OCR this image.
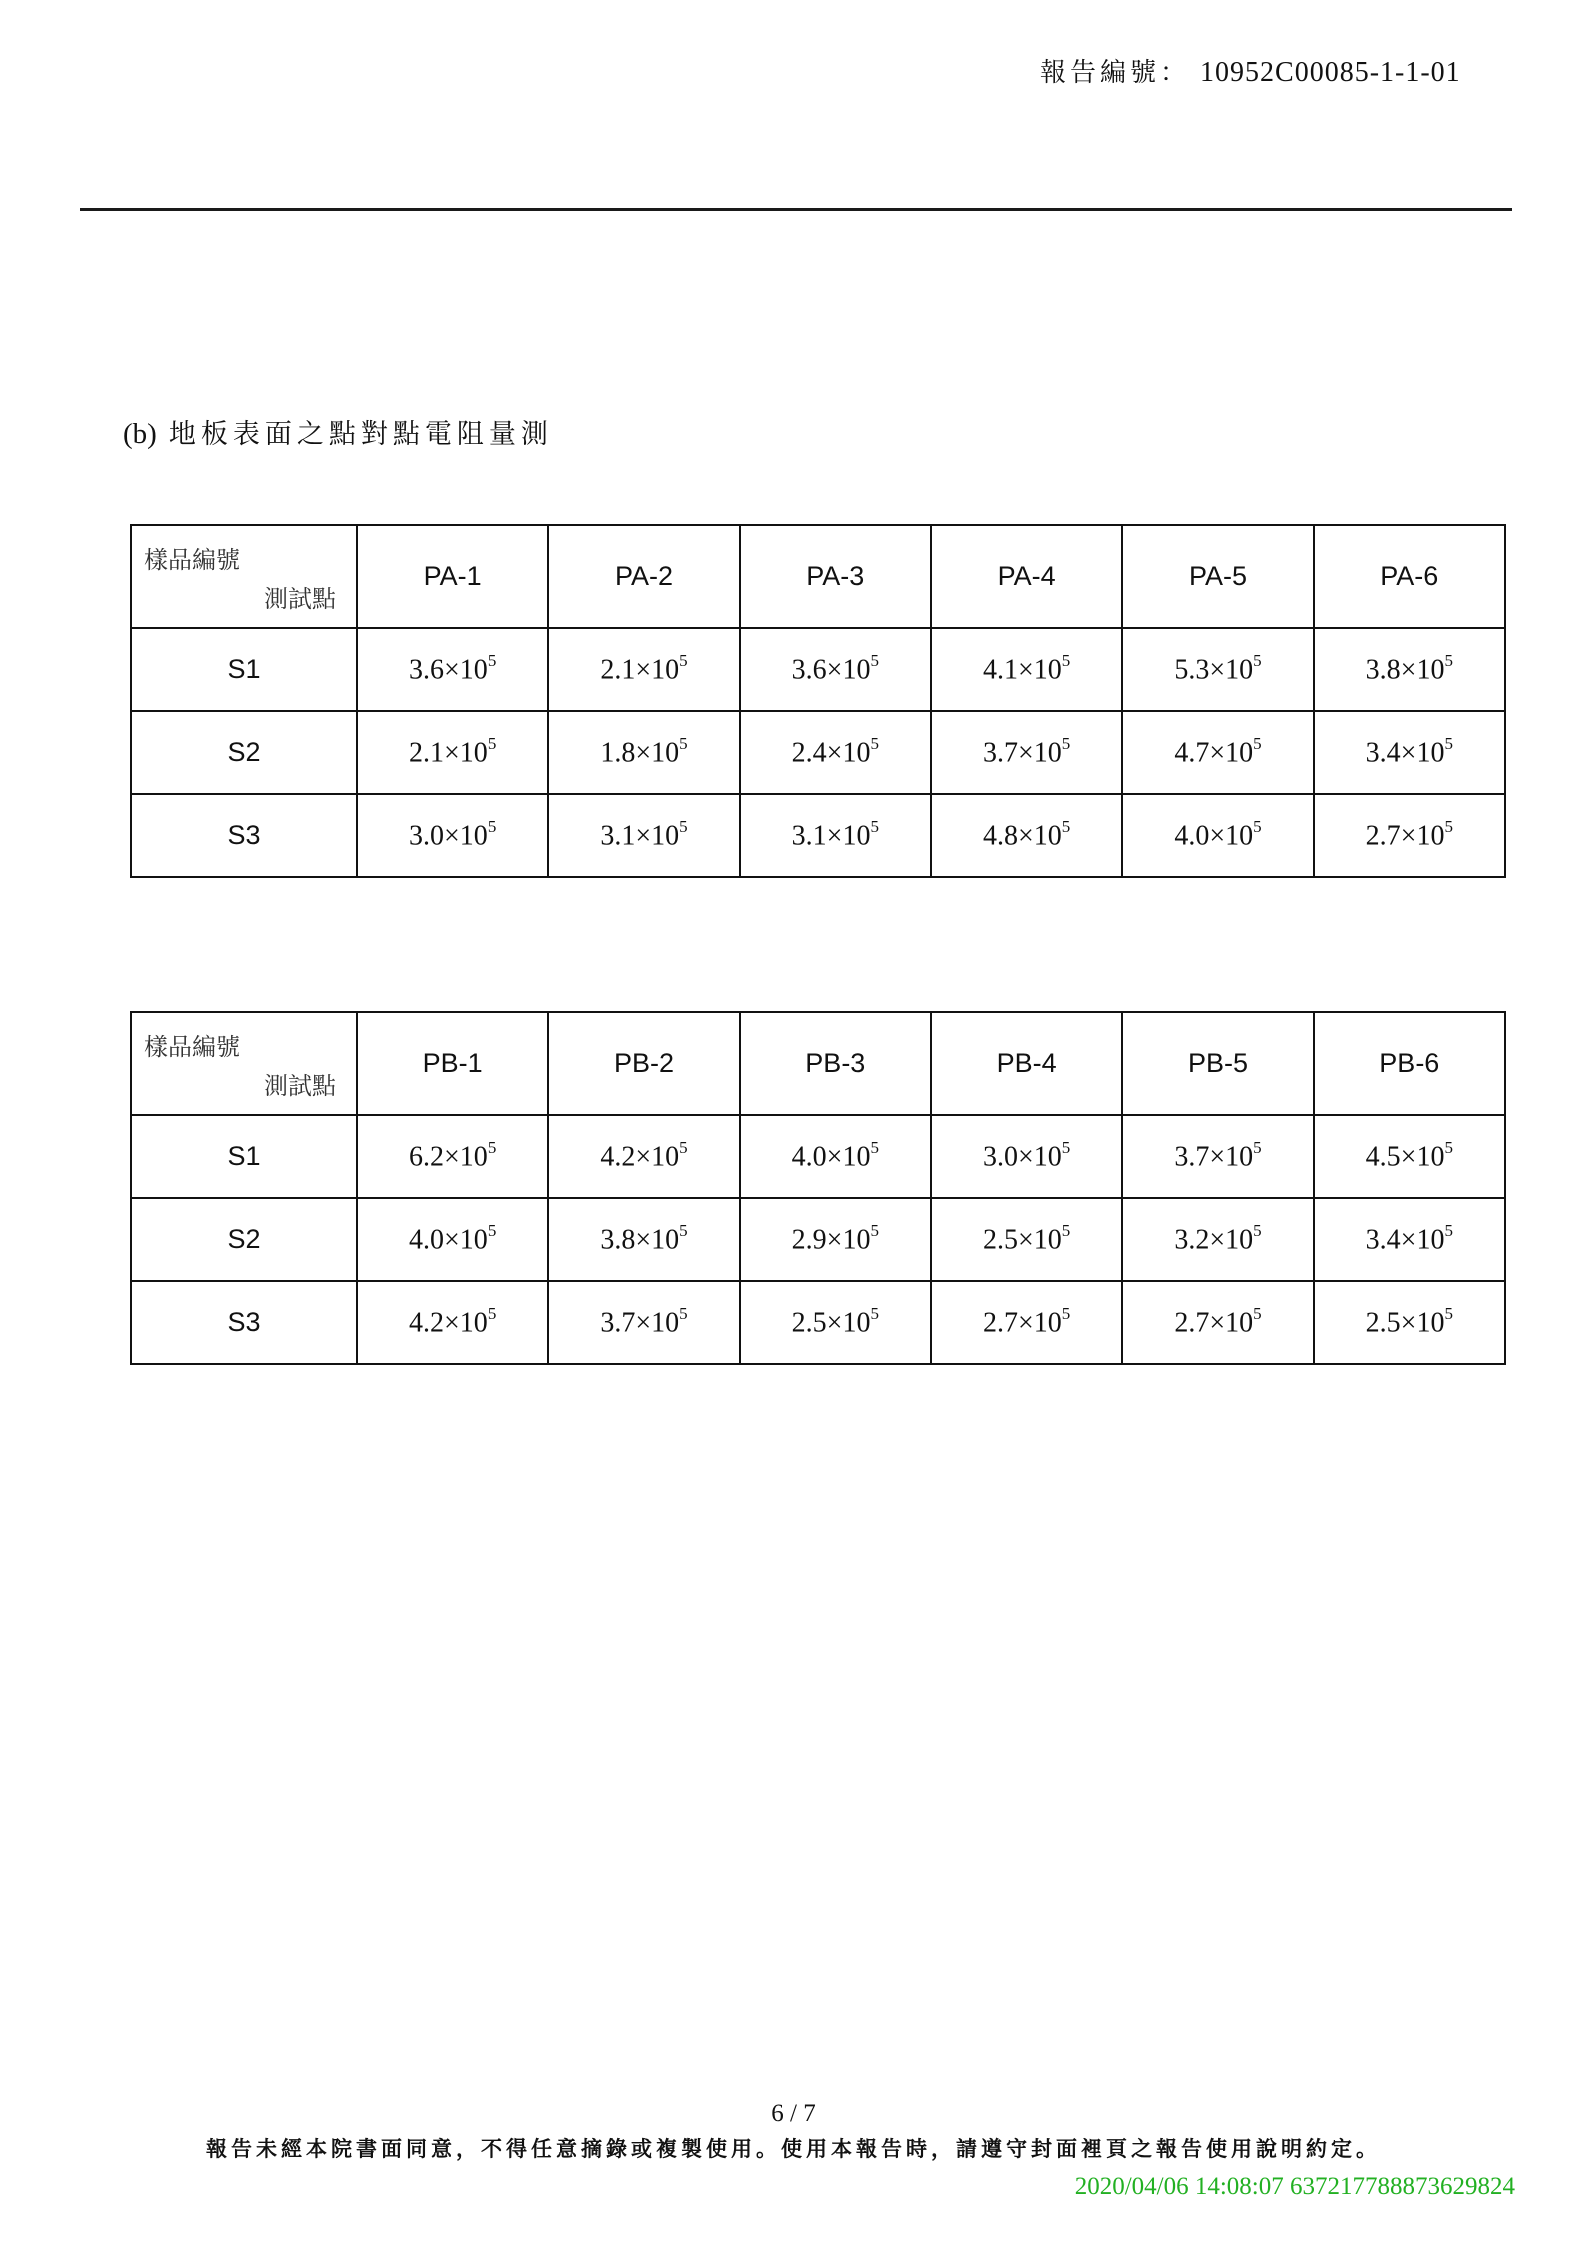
報告編號： 10952C00085-1-1-01
(b) 地板表面之點對點電阻量測
測試點
樣品編號	PA-1	PA-2	PA-3	PA-4	PA-5	PA-6
S1	$3.6\times 10^5$	$2.1\times 10^5$	$3.6\times 10^5$	$4.1\times 10^5$	$5.3\times 10^5$	$3.8\times 10^5$
S2	$2.1\times 10^5$	$1.8\times 10^5$	$2.4\times 10^5$	$3.7\times 10^5$	$4.7\times 10^5$	$3.4\times 10^5$
S3	$3.0\times 10^5$	$3.1\times 10^5$	$3.1\times 10^5$	$4.8\times 10^5$	$4.0\times 10^5$	$2.7\times 10^5$
測試點
樣品編號	PB-1	PB-2	PB-3	PB-4	PB-5	PB-6
S1	$6.2\times 10^5$	$4.2\times 10^5$	$4.0\times 10^5$	$3.0\times 10^5$	$3.7\times 10^5$	$4.5\times 10^5$
S2	$4.0\times 10^5$	$3.8\times 10^5$	$2.9\times 10^5$	$2.5\times 10^5$	$3.2\times 10^5$	$3.4\times 10^5$
S3	$4.2\times 10^5$	$3.7\times 10^5$	$2.5\times 10^5$	$2.7\times 10^5$	$2.7\times 10^5$	$2.5\times 10^5$
6 / 7
報告未經本院書面同意，不得任意摘錄或複製使用。使用本報告時，請遵守封面裡頁之報告使用說明約定。
2020/04/06 14:08:07 637217788873629824
